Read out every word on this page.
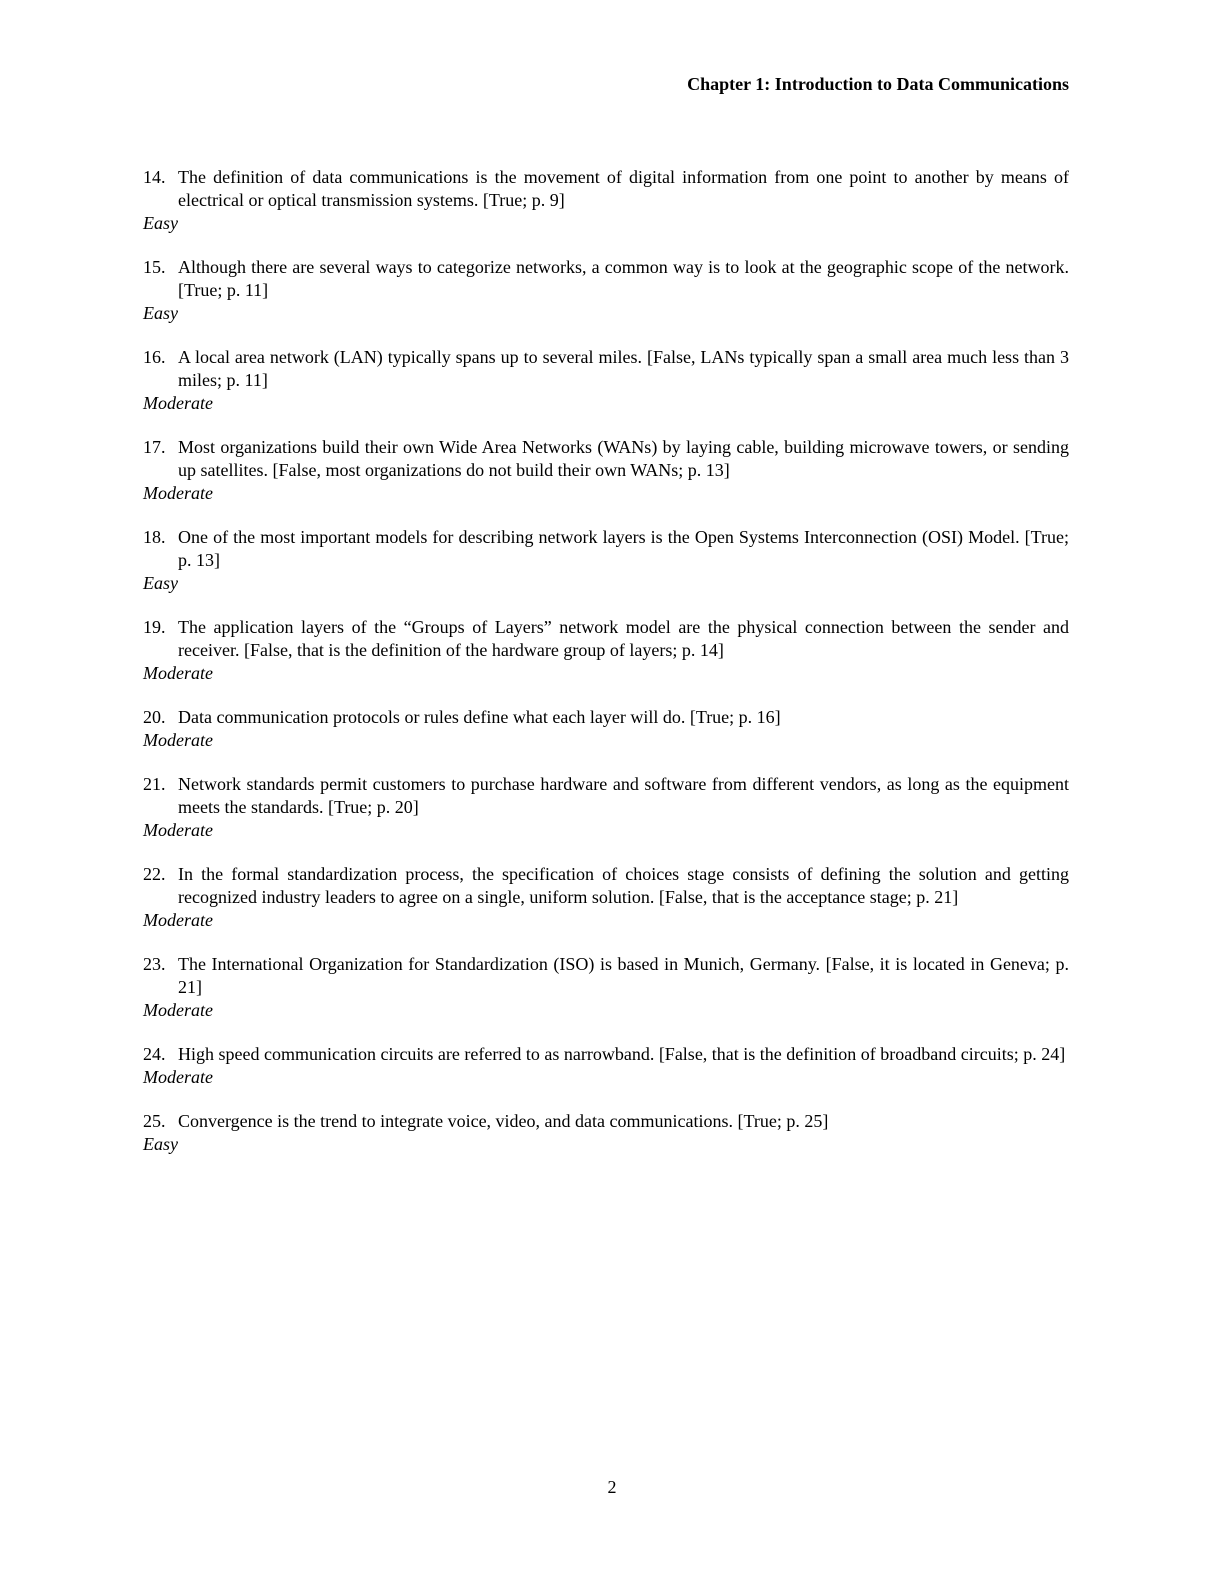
Chapter 1: Introduction to Data Communications
14. The definition of data communications is the movement of digital information from one point to another by means of electrical or optical transmission systems. [True; p. 9]
Easy
15. Although there are several ways to categorize networks, a common way is to look at the geographic scope of the network. [True; p. 11]
Easy
16. A local area network (LAN) typically spans up to several miles. [False, LANs typically span a small area much less than 3 miles; p. 11]
Moderate
17. Most organizations build their own Wide Area Networks (WANs) by laying cable, building microwave towers, or sending up satellites. [False, most organizations do not build their own WANs; p. 13]
Moderate
18. One of the most important models for describing network layers is the Open Systems Interconnection (OSI) Model. [True; p. 13]
Easy
19. The application layers of the “Groups of Layers” network model are the physical connection between the sender and receiver. [False, that is the definition of the hardware group of layers; p. 14]
Moderate
20. Data communication protocols or rules define what each layer will do. [True; p. 16]
Moderate
21. Network standards permit customers to purchase hardware and software from different vendors, as long as the equipment meets the standards. [True; p. 20]
Moderate
22. In the formal standardization process, the specification of choices stage consists of defining the solution and getting recognized industry leaders to agree on a single, uniform solution. [False, that is the acceptance stage; p. 21]
Moderate
23. The International Organization for Standardization (ISO) is based in Munich, Germany. [False, it is located in Geneva; p. 21]
Moderate
24. High speed communication circuits are referred to as narrowband. [False, that is the definition of broadband circuits; p. 24]
Moderate
25. Convergence is the trend to integrate voice, video, and data communications. [True; p. 25]
Easy
2
